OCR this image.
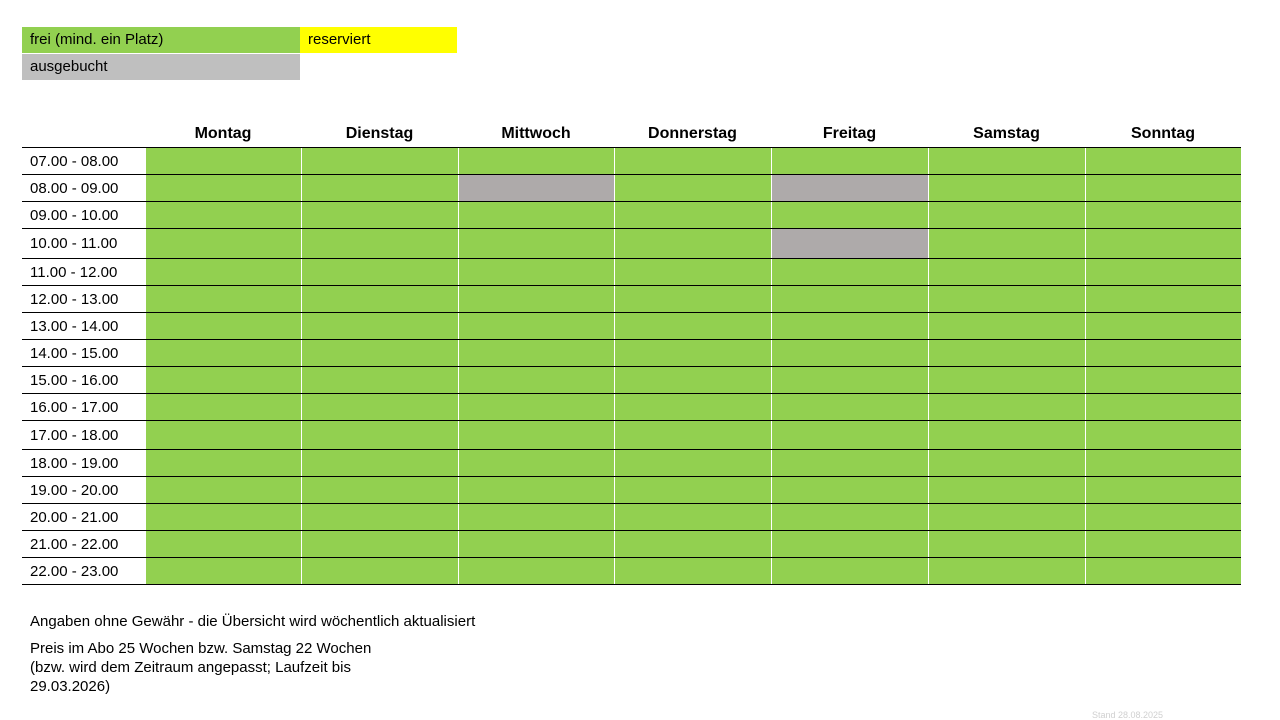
frei (mind. ein Platz)	reserviert
ausgebucht
Montag	Dienstag	Mittwoch	Donnerstag	Freitag	Samstag	Sonntag
07.00 - 08.00
08.00 - 09.00
09.00 - 10.00
10.00 - 11.00
11.00 - 12.00
12.00 - 13.00
13.00 - 14.00
14.00 - 15.00
15.00 - 16.00
16.00 - 17.00
17.00 - 18.00
18.00 - 19.00
19.00 - 20.00
20.00 - 21.00
21.00 - 22.00
22.00 - 23.00
Angaben ohne Gewähr - die Übersicht wird wöchentlich aktualisiert
Preis im Abo 25 Wochen bzw. Samstag 22 Wochen (bzw. wird dem Zeitraum angepasst; Laufzeit bis 29.03.2026)
Stand 28.08.2025
